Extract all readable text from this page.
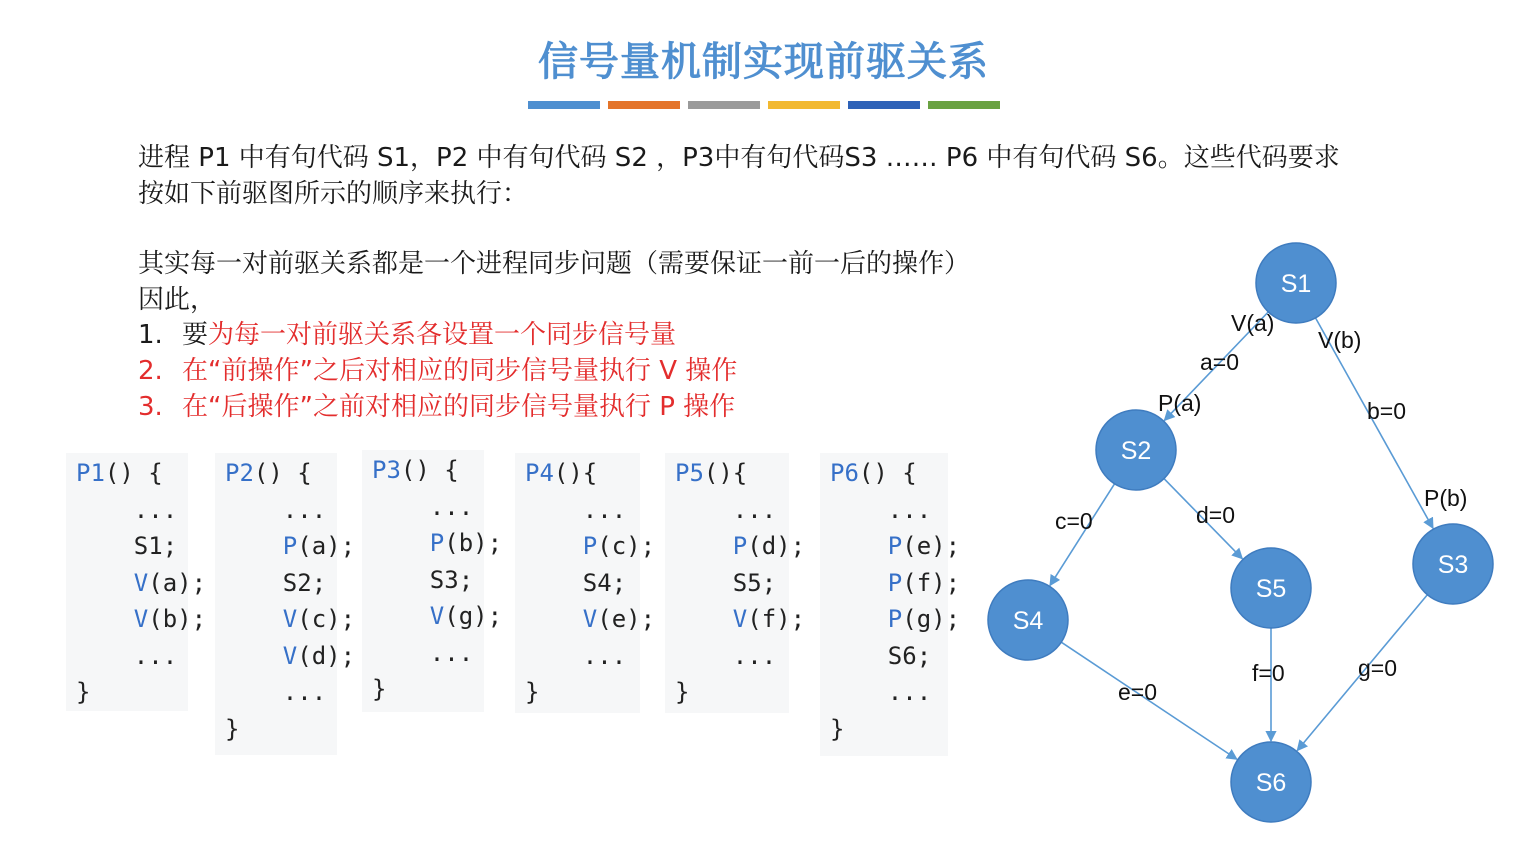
信号量机制实现前驱关系
进程 P1 中有句代码 S1，P2 中有句代码 S2 ，P3中有句代码S3 …… P6 中有句代码 S6。这些代码要求
按如下前驱图所示的顺序来执行：
其实每一对前驱关系都是一个进程同步问题（需要保证一前一后的操作）
因此，
1. 要为每一对前驱关系各设置一个同步信号量
2. 在“前操作”之后对相应的同步信号量执行 V 操作
3. 在“后操作”之前对相应的同步信号量执行 P 操作
P1() {
...
S1;
V(a);
V(b);
...
}
P2() {
...
P(a);
S2;
V(c);
V(d);
...
}
P3() {
...
P(b);
S3;
V(g);
...
}
P4(){
...
P(c);
S4;
V(e);
...
}
P5(){
...
P(d);
S5;
V(f);
...
}
P6() {
...
P(e);
P(f);
P(g);
S6;
...
}
S1
S2
S3
S4
S5
S6
V(a)
a=0
P(a)
V(b)
b=0
P(b)
c=0	d=0
e=0
f=0	g=0
